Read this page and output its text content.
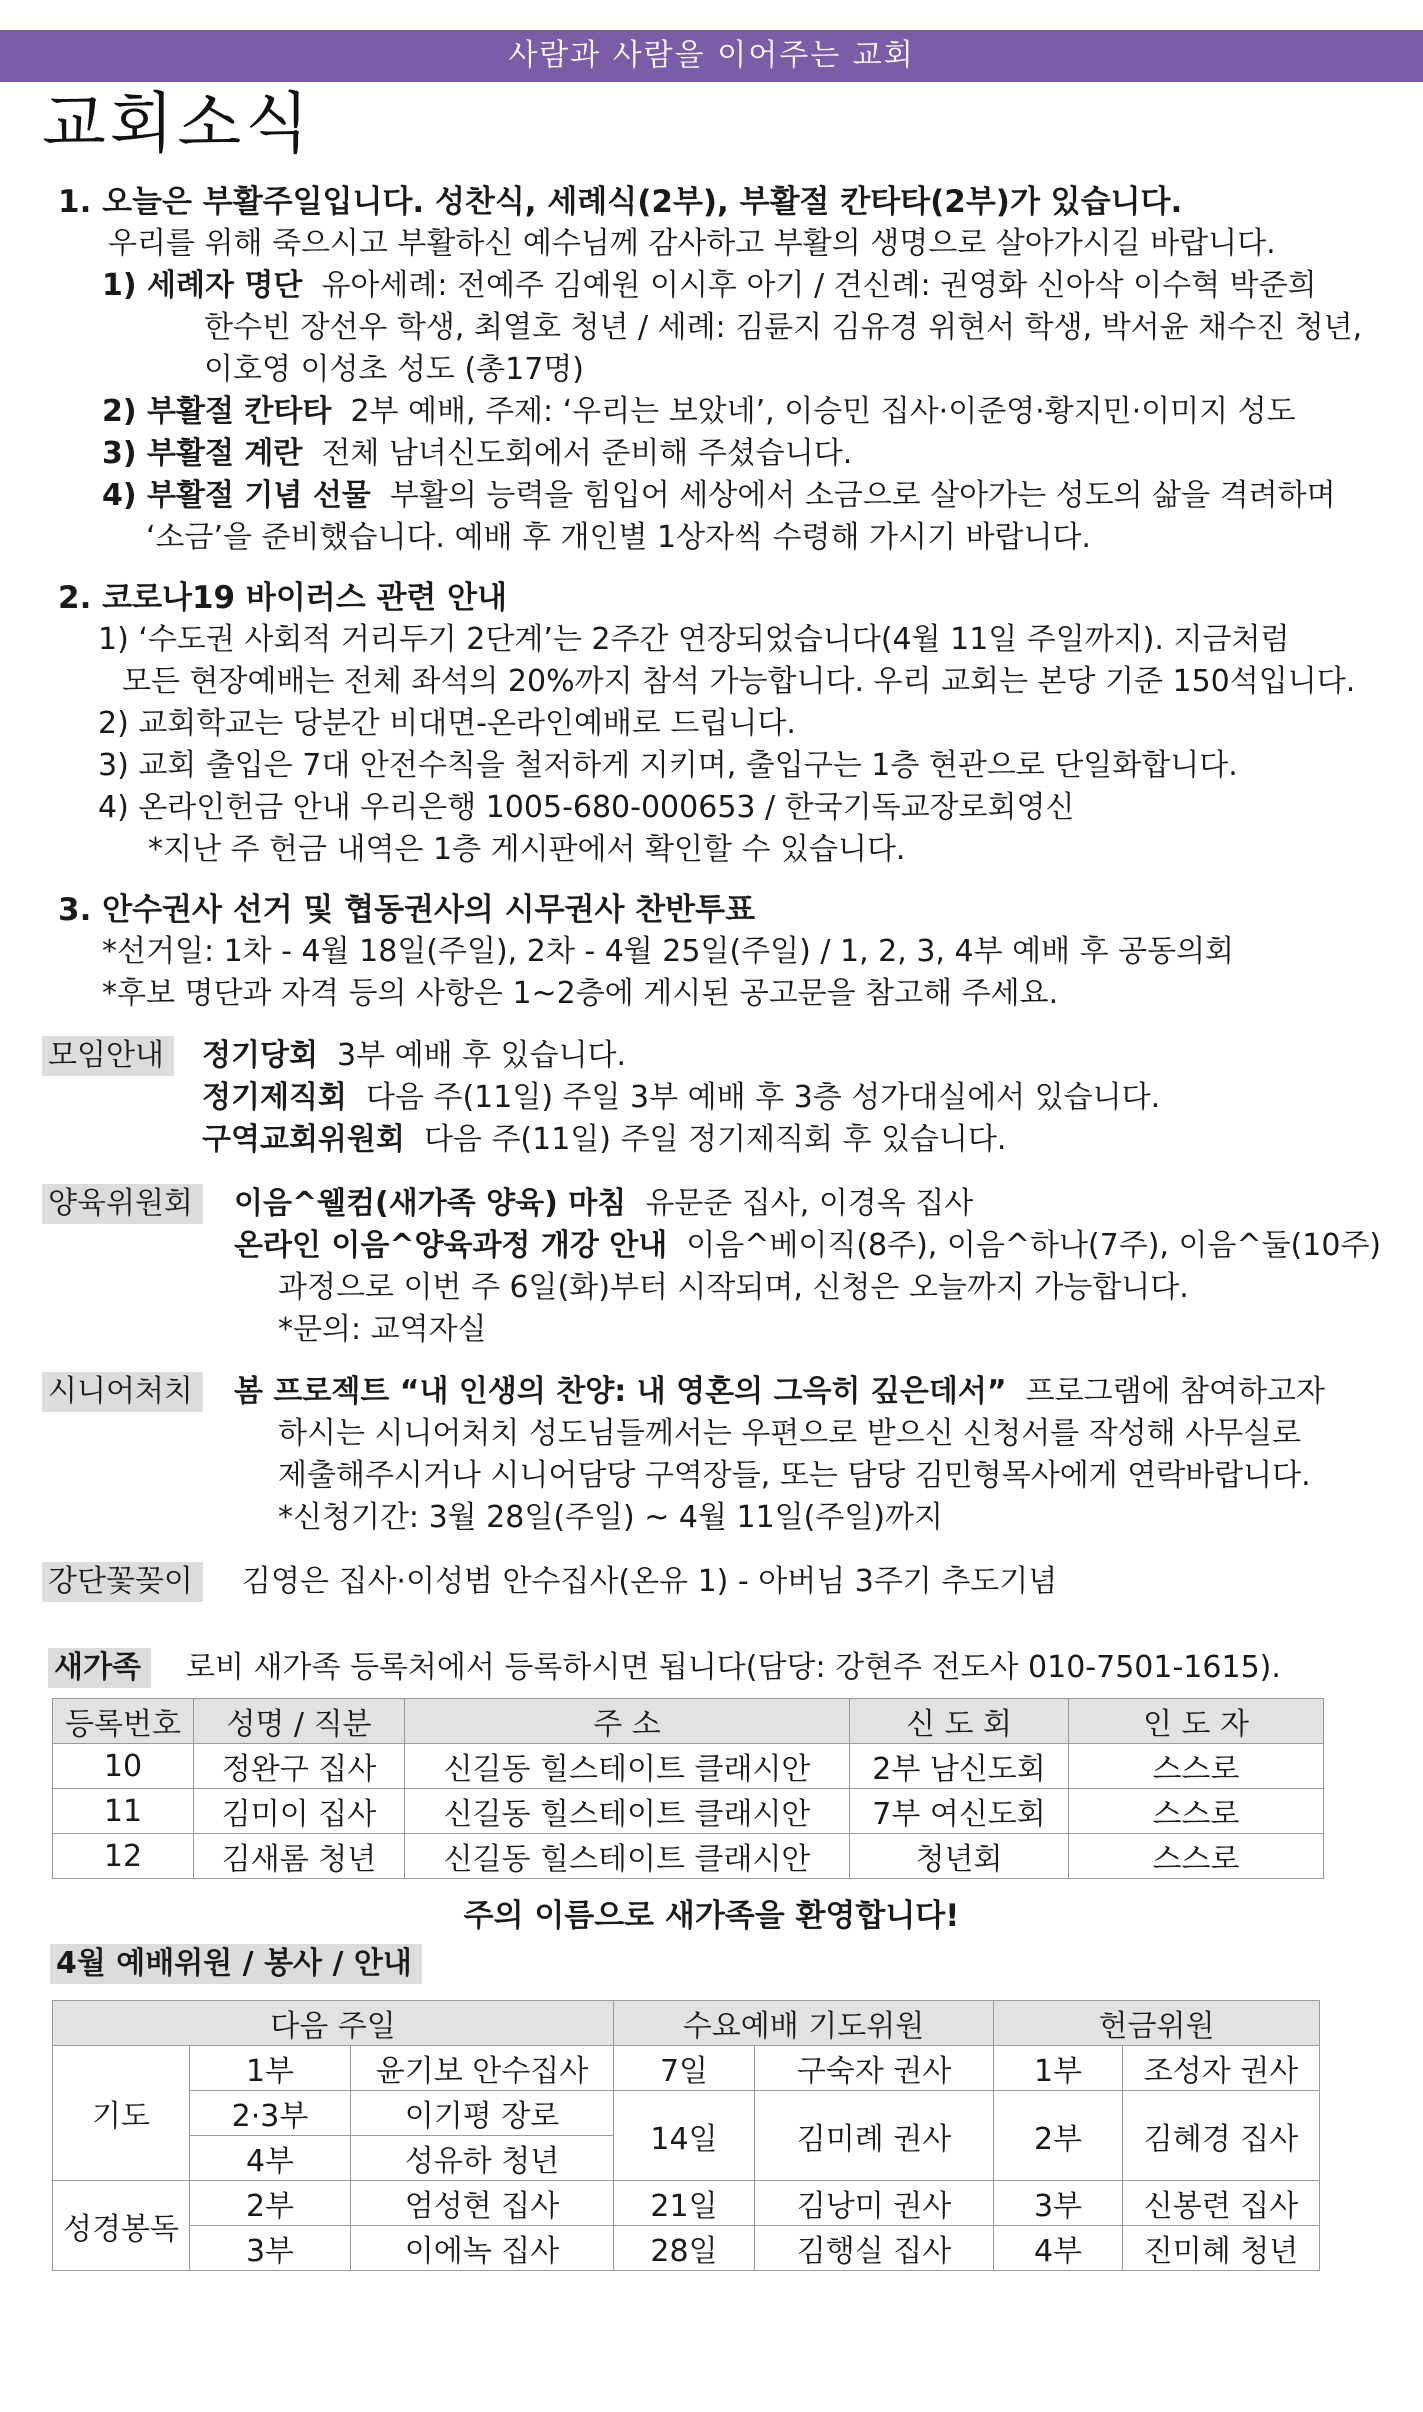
사람과 사람을 이어주는 교회
교회소식
1. 오늘은 부활주일입니다. 성찬식, 세례식(2부), 부활절 칸타타(2부)가 있습니다.
우리를 위해 죽으시고 부활하신 예수님께 감사하고 부활의 생명으로 살아가시길 바랍니다.
1) 세례자 명단 유아세례: 전예주 김예원 이시후 아기 / 견신례: 권영화 신아삭 이수혁 박준희
한수빈 장선우 학생, 최열호 청년 / 세례: 김륜지 김유경 위현서 학생, 박서윤 채수진 청년,
이호영 이성초 성도 (총17명)
2) 부활절 칸타타 2부 예배, 주제: ‘우리는 보았네’, 이승민 집사·이준영·황지민·이미지 성도
3) 부활절 계란 전체 남녀신도회에서 준비해 주셨습니다.
4) 부활절 기념 선물 부활의 능력을 힘입어 세상에서 소금으로 살아가는 성도의 삶을 격려하며
‘소금’을 준비했습니다. 예배 후 개인별 1상자씩 수령해 가시기 바랍니다.
2. 코로나19 바이러스 관련 안내
1) ‘수도권 사회적 거리두기 2단계’는 2주간 연장되었습니다(4월 11일 주일까지). 지금처럼
모든 현장예배는 전체 좌석의 20%까지 참석 가능합니다. 우리 교회는 본당 기준 150석입니다.
2) 교회학교는 당분간 비대면-온라인예배로 드립니다.
3) 교회 출입은 7대 안전수칙을 철저하게 지키며, 출입구는 1층 현관으로 단일화합니다.
4) 온라인헌금 안내 우리은행 1005-680-000653 / 한국기독교장로회영신
*지난 주 헌금 내역은 1층 게시판에서 확인할 수 있습니다.
3. 안수권사 선거 및 협동권사의 시무권사 찬반투표
*선거일: 1차 - 4월 18일(주일), 2차 - 4월 25일(주일) / 1, 2, 3, 4부 예배 후 공동의회
*후보 명단과 자격 등의 사항은 1~2층에 게시된 공고문을 참고해 주세요.
모임안내	정기당회 3부 예배 후 있습니다.
정기제직회 다음 주(11일) 주일 3부 예배 후 3층 성가대실에서 있습니다.
구역교회위원회 다음 주(11일) 주일 정기제직회 후 있습니다.
양육위원회	이음^웰컴(새가족 양육) 마침 유문준 집사, 이경옥 집사
온라인 이음^양육과정 개강 안내 이음^베이직(8주), 이음^하나(7주), 이음^둘(10주)
과정으로 이번 주 6일(화)부터 시작되며, 신청은 오늘까지 가능합니다.
*문의: 교역자실
시니어처치	봄 프로젝트 “내 인생의 찬양: 내 영혼의 그윽히 깊은데서” 프로그램에 참여하고자
하시는 시니어처치 성도님들께서는 우편으로 받으신 신청서를 작성해 사무실로
제출해주시거나 시니어담당 구역장들, 또는 담당 김민형목사에게 연락바랍니다.
*신청기간: 3월 28일(주일) ~ 4월 11일(주일)까지
강단꽃꽂이	김영은 집사·이성범 안수집사(온유 1) - 아버님 3주기 추도기념
새가족	로비 새가족 등록처에서 등록하시면 됩니다(담당: 강현주 전도사 010-7501-1615).
등록번호	성명 / 직분	주 소	신 도 회	인 도 자
10	정완구 집사	신길동 힐스테이트 클래시안	2부 남신도회	스스로
11	김미이 집사	신길동 힐스테이트 클래시안	7부 여신도회	스스로
12	김새롬 청년	신길동 힐스테이트 클래시안	청년회	스스로
주의 이름으로 새가족을 환영합니다!
4월 예배위원 / 봉사 / 안내
다음 주일			수요예배 기도위원		헌금위원	
기도	1부	윤기보 안수집사	7일	구숙자 권사	1부	조성자 권사
	2·3부	이기평 장로	14일	김미례 권사	2부	김혜경 집사
	4부	성유하 청년				
성경봉독	2부	엄성현 집사	21일	김낭미 권사	3부	신봉련 집사
	3부	이에녹 집사	28일	김행실 집사	4부	진미혜 청년
